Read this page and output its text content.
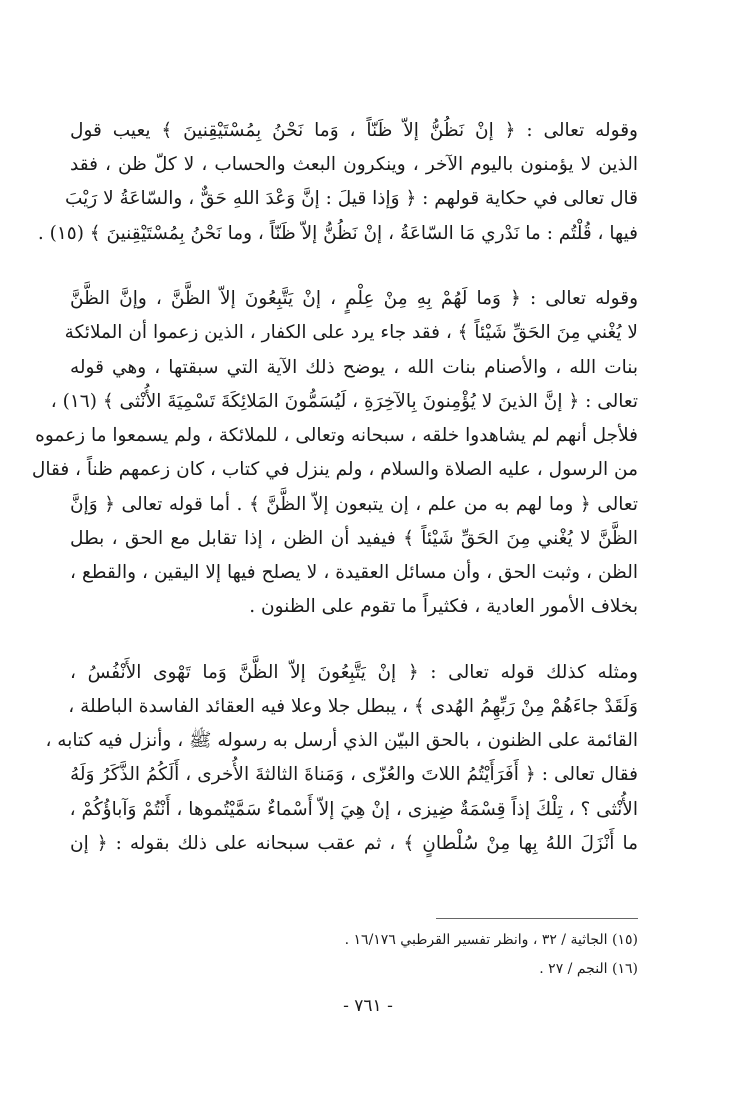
وقوله تعالى : ﴿ إنْ نَظُنُّ إلاّ ظَنّاً ، وَما نَحْنُ بِمُسْتَيْقِنينَ ﴾ يعيب قول
الذين لا يؤمنون باليوم الآخر ، وينكرون البعث والحساب ، لا كلّ ظن ، فقد
قال تعالى في حكاية قولهم : ﴿ وَإذا قيلَ : إنَّ وَعْدَ اللهِ حَقٌّ ، والسّاعَةُ لا رَيْبَ
فيها ، قُلْتُم : ما نَدْري مَا السّاعَةُ ، إنْ نَظُنُّ إلاّ ظَنّاً ، وما نَحْنُ بِمُسْتَيْقِنينَ ﴾ (١٥) .
وقوله تعالى : ﴿ وَما لَهُمْ بِهِ مِنْ عِلْمٍ ، إنْ يَتَّبِعُونَ إلاّ الظَّنَّ ، وإنَّ الظَّنَّ
لا يُغْني مِنَ الحَقِّ شَيْئاً ﴾ ، فقد جاء يرد على الكفار ، الذين زعموا أن الملائكة
بنات الله ، والأصنام بنات الله ، يوضح ذلك الآية التي سبقتها ، وهي قوله
تعالى : ﴿ إنَّ الذينَ لا يُؤْمِنونَ بِالآخِرَةِ ، لَيُسَمُّونَ المَلائِكَةَ تَسْمِيَةَ الأُنْثى ﴾ (١٦) ،
فلأجل أنهم لم يشاهدوا خلقه ، سبحانه وتعالى ، للملائكة ، ولم يسمعوا ما زعموه
من الرسول ، عليه الصلاة والسلام ، ولم ينزل في كتاب ، كان زعمهم ظناً ، فقال
تعالى ﴿ وما لهم به من علم ، إن يتبعون إلاّ الظَّنَّ ﴾ . أما قوله تعالى ﴿ وَإنَّ
الظَّنَّ لا يُغْني مِنَ الحَقِّ شَيْئاً ﴾ فيفيد أن الظن ، إذا تقابل مع الحق ، بطل
الظن ، وثبت الحق ، وأن مسائل العقيدة ، لا يصلح فيها إلا اليقين ، والقطع ،
بخلاف الأمور العادية ، فكثيراً ما تقوم على الظنون .
ومثله كذلك قوله تعالى : ﴿ إنْ يَتَّبِعُونَ إلاّ الظَّنَّ وَما تَهْوى الأَنْفُسُ ،
وَلَقَدْ جاءَهُمْ مِنْ رَبِّهِمُ الهُدى ﴾ ، يبطل جلا وعلا فيه العقائد الفاسدة الباطلة ،
القائمة على الظنون ، بالحق البيّن الذي أرسل به رسوله ﷺ ، وأنزل فيه كتابه ،
فقال تعالى : ﴿ أَفَرَأَيْتُمُ اللاتَ والعُزّى ، وَمَناةَ الثالثةَ الأُخرى ، أَلَكُمُ الذَّكَرُ وَلَهُ
الأُنْثى ؟ ، تِلْكَ إذاً قِسْمَةٌ ضِيزى ، إنْ هِيَ إلاّ أَسْماءٌ سَمَّيْتُموها ، أَنْتُمْ وَآباؤُكُمْ ،
ما أَنْزَلَ اللهُ بِها مِنْ سُلْطانٍ ﴾ ، ثم عقب سبحانه على ذلك بقوله : ﴿ إن
(١٥) الجاثية / ٣٢ ، وانظر تفسير القرطبي ١٦/١٧٦ .
(١٦) النجم / ٢٧ .
- ٧٦١ -
